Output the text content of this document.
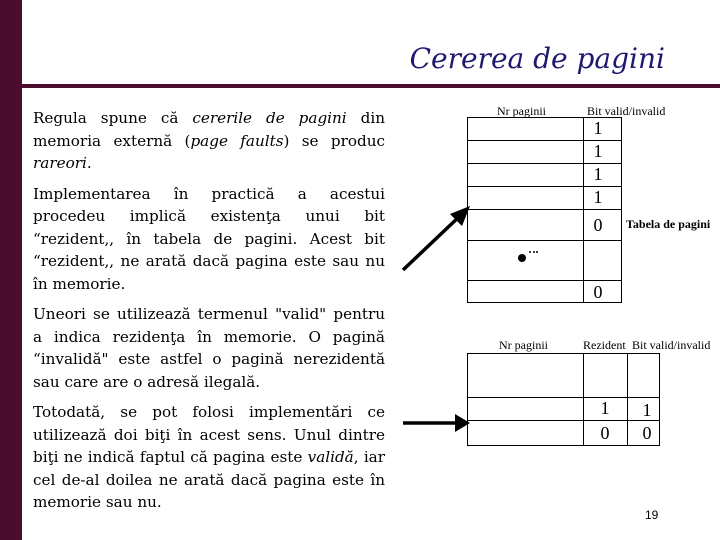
Cererea de pagini

Regula spune că cererile de pagini din memoria externă (page faults) se produc rareori.

Implementarea în practică a acestui procedeu implică existenţa unui bit “rezident,, în tabela de pagini. Acest bit “rezident,, ne arată dacă pagina este sau nu în memorie.

Uneori se utilizează termenul "valid" pentru a indica rezidenţa în memorie. O pagină “invalidă" este astfel o pagină nerezidentă sau care are o adresă ilegală.

Totodată, se pot folosi implementări ce utilizează doi biţi în acest sens. Unul dintre biţi ne indică faptul că pagina este validă, iar cel de-al doilea ne arată dacă pagina este în memorie sau nu.

Nr paginii	Bit valid/invalid
1
1
1
1
0
0
Tabela de pagini
Nr paginii	Rezident Bit valid/invalid
1
0
1
0
19
